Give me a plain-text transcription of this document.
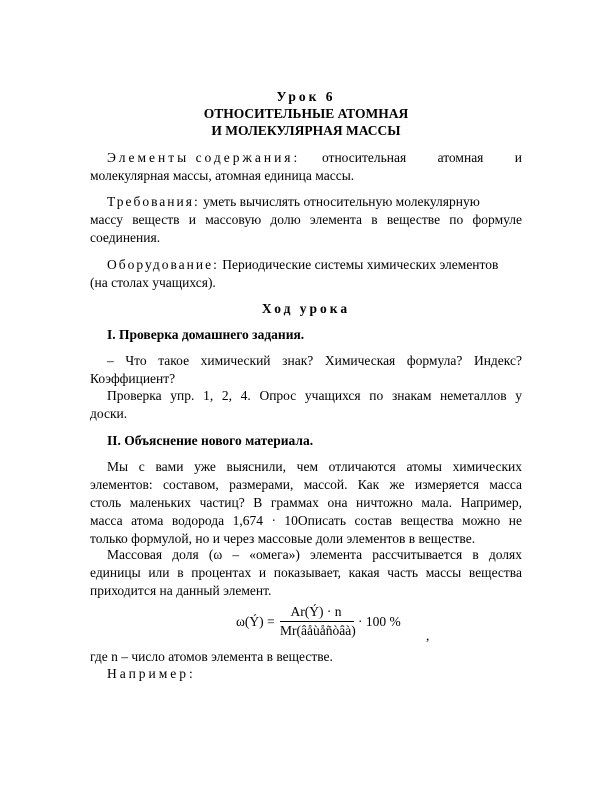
Урок 6
ОТНОСИТЕЛЬНЫЕ АТОМНАЯ
И МОЛЕКУЛЯРНАЯ МАССЫ
Элементы содержания: относительная атомная и
молекулярная массы, атомная единица массы.
Требования: уметь вычислять относительную молекулярную
массу веществ и массовую долю элемента в веществе по формуле
соединения.
Оборудование: Периодические системы химических элементов
(на столах учащихся).
Ход урока
I. Проверка домашнего задания.
– Что такое химический знак? Химическая формула? Индекс?
Коэффициент?
Проверка упр. 1, 2, 4. Опрос учащихся по знакам неметаллов у
доски.
II. Объяснение нового материала.
Мы с вами уже выяснили, чем отличаются атомы химических
элементов: составом, размерами, массой. Как же измеряется масса
столь маленьких частиц? В граммах она ничтожно мала. Например,
масса атома водорода 1,674 · 10Описать состав вещества можно не
только формулой, но и через массовые доли элементов в веществе.
Массовая доля (ω – «омега») элемента рассчитывается в долях
единицы или в процентах и показывает, какая часть массы вещества
приходится на данный элемент.
ω(Ý) =
Ar(Ý) · n
Mr(âåùåñòâà)
· 100 %
,
где n – число атомов элемента в веществе.
Например:
